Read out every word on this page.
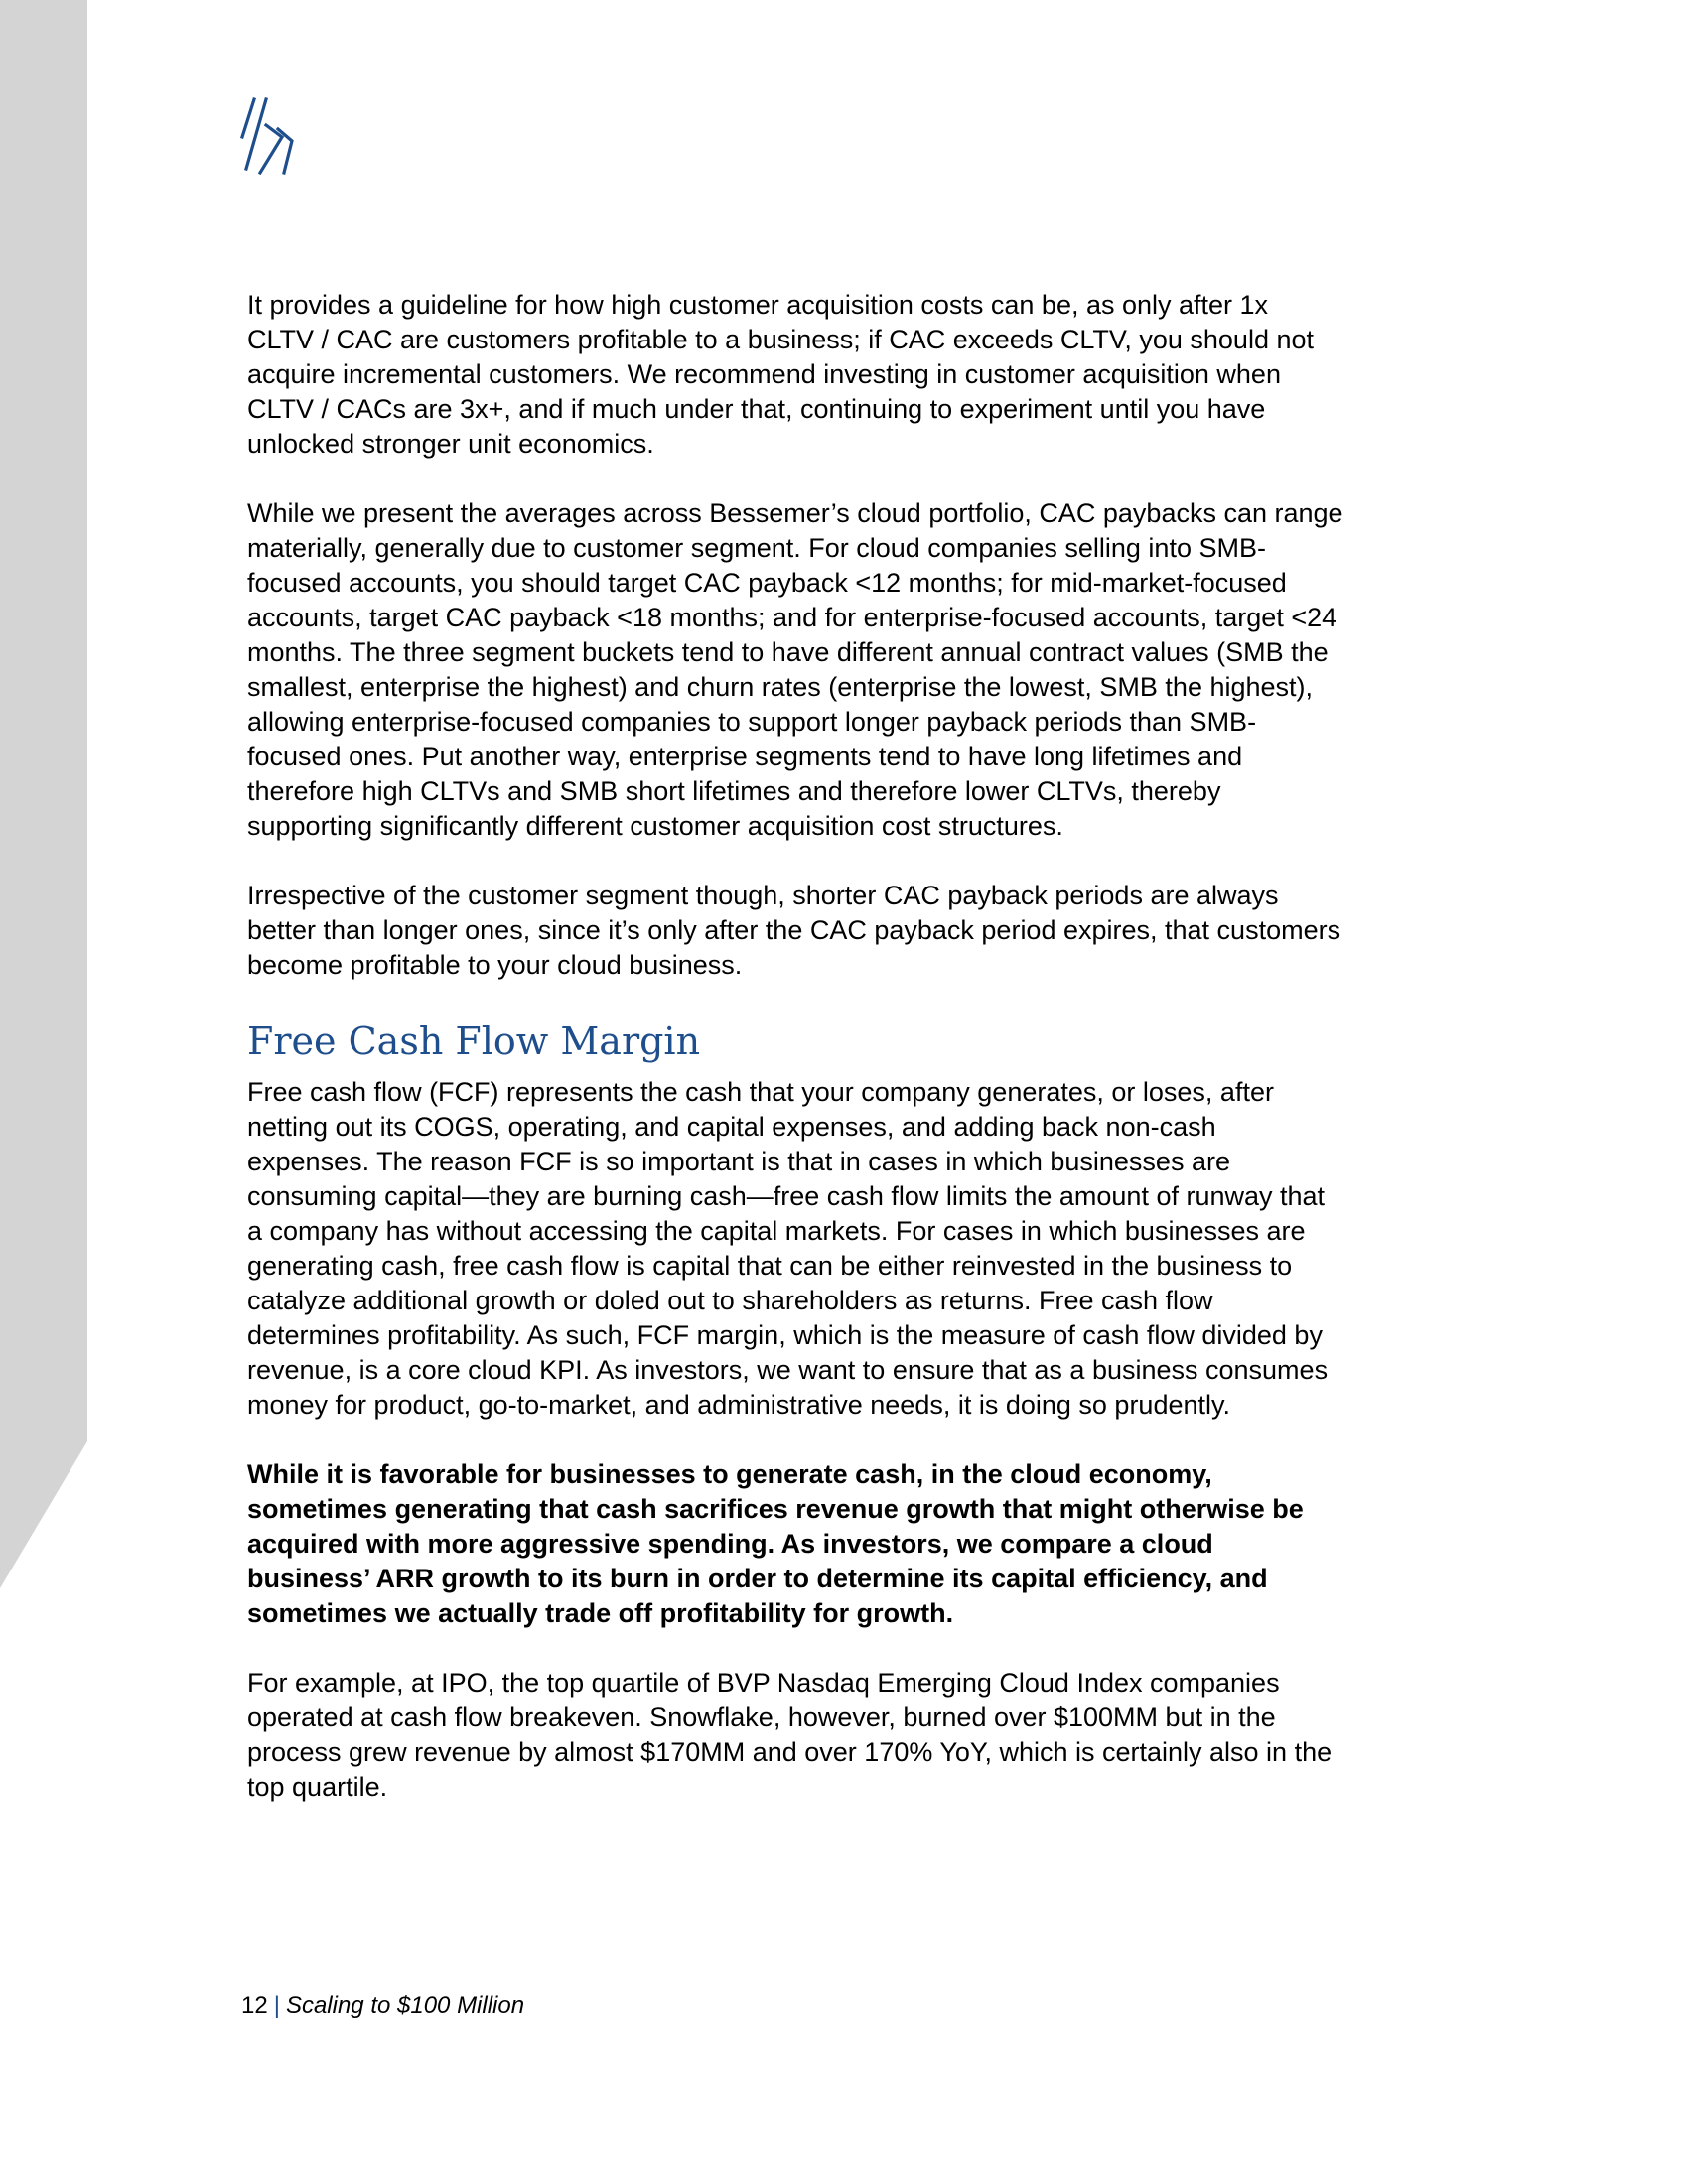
It provides a guideline for how high customer acquisition costs can be, as only after 1x
CLTV / CAC are customers profitable to a business; if CAC exceeds CLTV, you should not
acquire incremental customers. We recommend investing in customer acquisition when
CLTV / CACs are 3x+, and if much under that, continuing to experiment until you have
unlocked stronger unit economics.

While we present the averages across Bessemer’s cloud portfolio, CAC paybacks can range
materially, generally due to customer segment. For cloud companies selling into SMB-
focused accounts, you should target CAC payback <12 months; for mid-market-focused
accounts, target CAC payback <18 months; and for enterprise-focused accounts, target <24
months. The three segment buckets tend to have different annual contract values (SMB the
smallest, enterprise the highest) and churn rates (enterprise the lowest, SMB the highest),
allowing enterprise-focused companies to support longer payback periods than SMB-
focused ones. Put another way, enterprise segments tend to have long lifetimes and
therefore high CLTVs and SMB short lifetimes and therefore lower CLTVs, thereby
supporting significantly different customer acquisition cost structures.

Irrespective of the customer segment though, shorter CAC payback periods are always
better than longer ones, since it’s only after the CAC payback period expires, that customers
become profitable to your cloud business.

Free Cash Flow Margin

Free cash flow (FCF) represents the cash that your company generates, or loses, after
netting out its COGS, operating, and capital expenses, and adding back non-cash
expenses. The reason FCF is so important is that in cases in which businesses are
consuming capital—they are burning cash—free cash flow limits the amount of runway that
a company has without accessing the capital markets. For cases in which businesses are
generating cash, free cash flow is capital that can be either reinvested in the business to
catalyze additional growth or doled out to shareholders as returns. Free cash flow
determines profitability. As such, FCF margin, which is the measure of cash flow divided by
revenue, is a core cloud KPI. As investors, we want to ensure that as a business consumes
money for product, go-to-market, and administrative needs, it is doing so prudently.

While it is favorable for businesses to generate cash, in the cloud economy,
sometimes generating that cash sacrifices revenue growth that might otherwise be
acquired with more aggressive spending. As investors, we compare a cloud
business’ ARR growth to its burn in order to determine its capital efficiency, and
sometimes we actually trade off profitability for growth.

For example, at IPO, the top quartile of BVP Nasdaq Emerging Cloud Index companies
operated at cash flow breakeven. Snowflake, however, burned over $100MM but in the
process grew revenue by almost $170MM and over 170% YoY, which is certainly also in the
top quartile.

12 | Scaling to $100 Million
